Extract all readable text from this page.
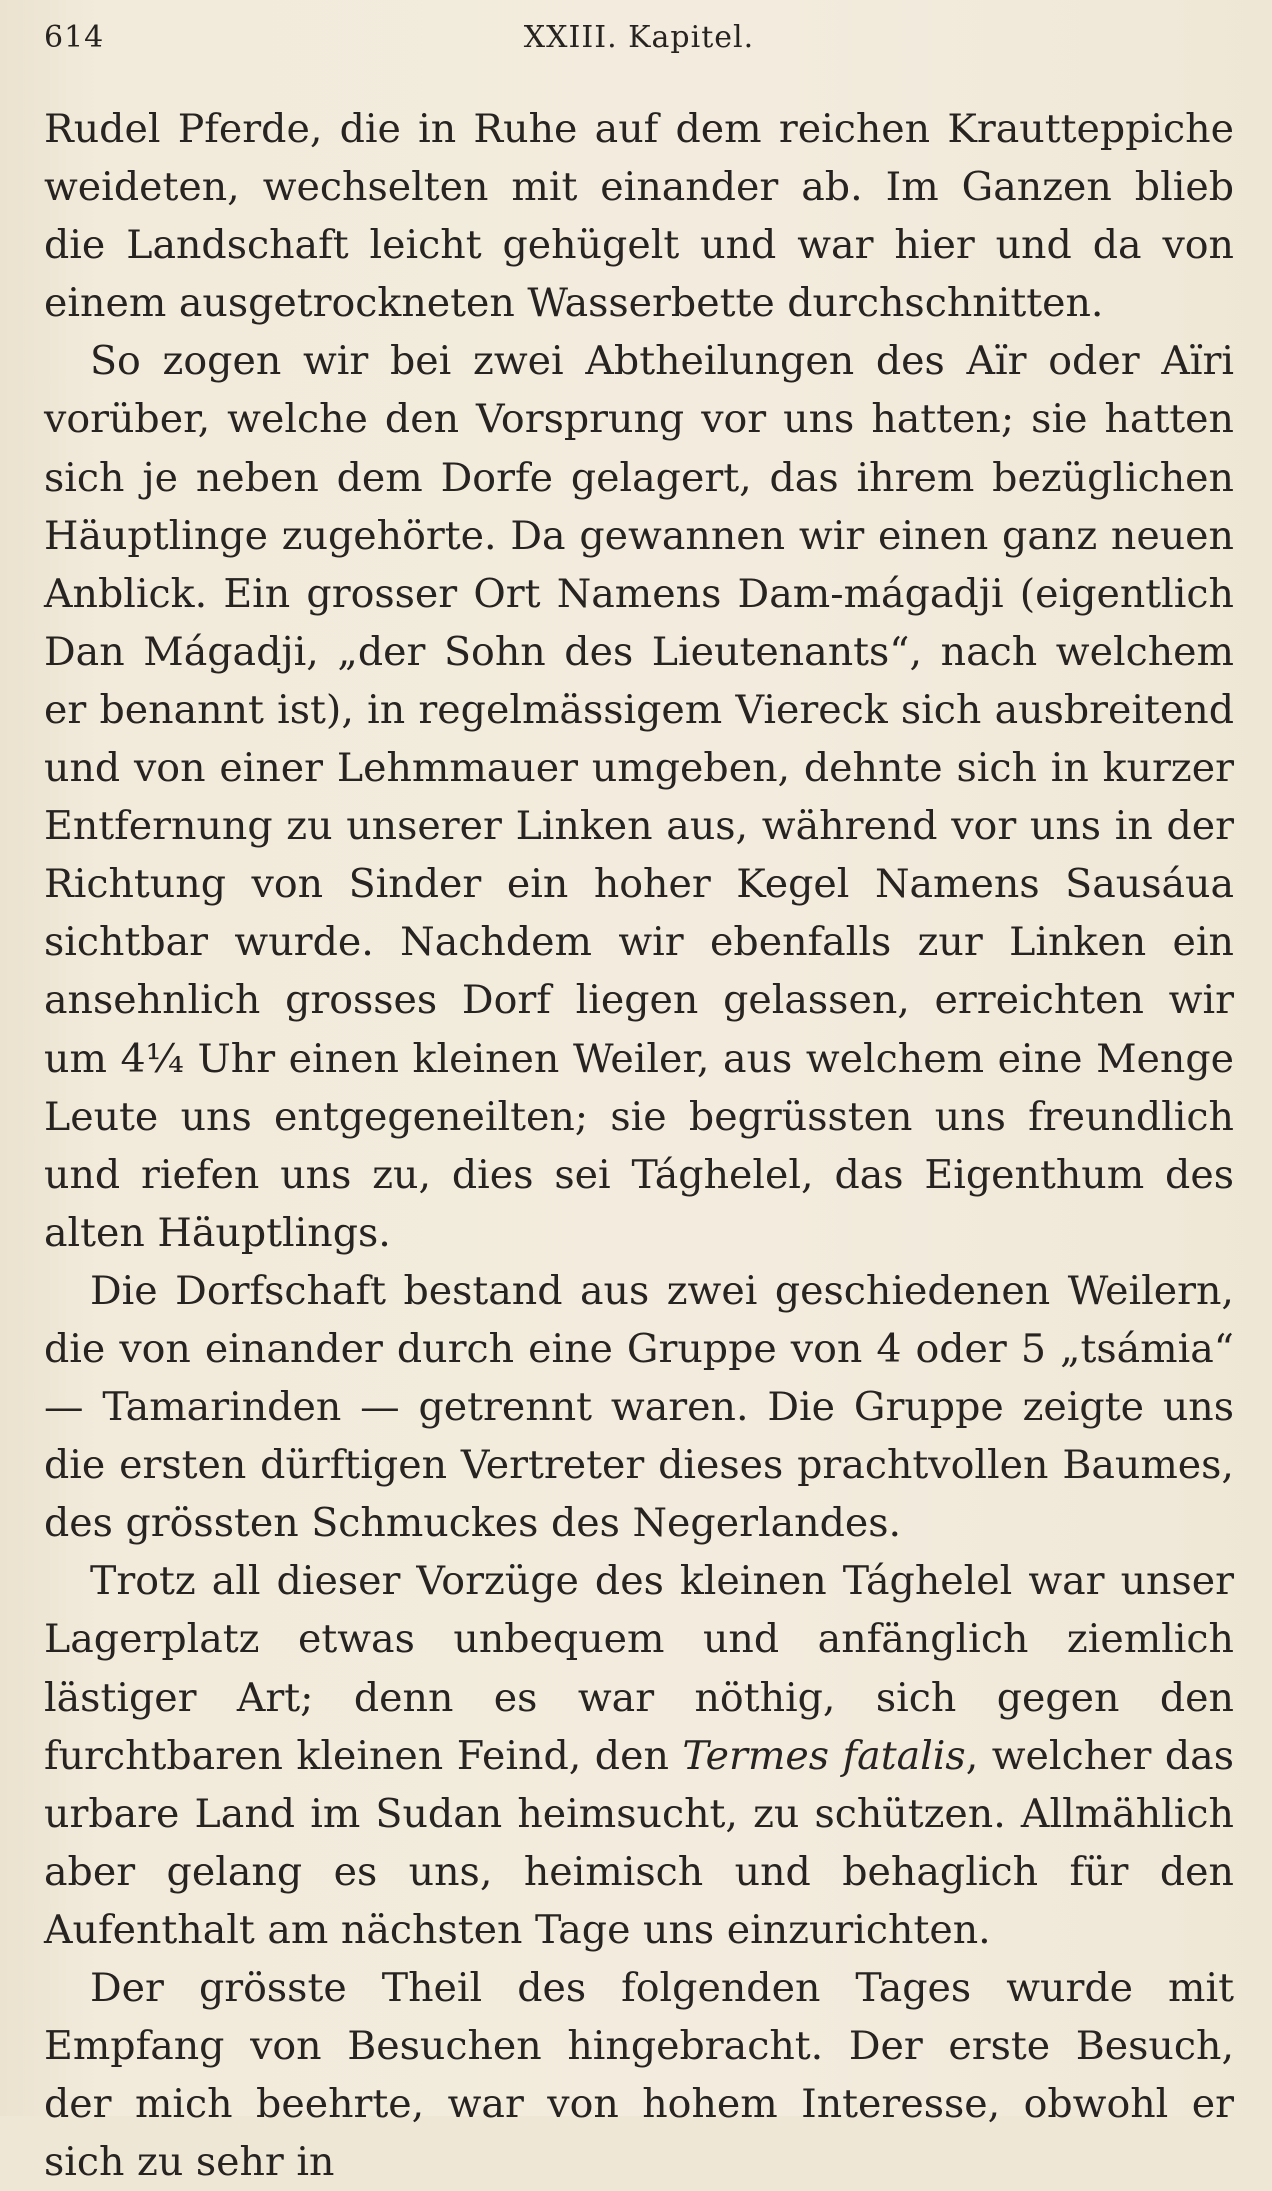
614	XXIII. Kapitel.

Rudel Pferde, die in Ruhe auf dem reichen Krautteppiche weideten, wechselten mit einander ab. Im Ganzen blieb die Landschaft leicht gehügelt und war hier und da von einem ausgetrockneten Wasserbette durchschnitten.

So zogen wir bei zwei Abtheilungen des Aïr oder Aïri vorüber, welche den Vorsprung vor uns hatten; sie hatten sich je neben dem Dorfe gelagert, das ihrem bezüglichen Häuptlinge zugehörte. Da gewannen wir einen ganz neuen Anblick. Ein grosser Ort Namens Dam-mágadji (eigentlich Dan Mágadji, „der Sohn des Lieutenants“, nach welchem er benannt ist), in regelmässigem Viereck sich ausbreitend und von einer Lehmmauer umgeben, dehnte sich in kurzer Entfernung zu unserer Linken aus, während vor uns in der Richtung von Sinder ein hoher Kegel Namens Sausáua sichtbar wurde. Nachdem wir ebenfalls zur Linken ein ansehnlich grosses Dorf liegen gelassen, erreichten wir um 4¼ Uhr einen kleinen Weiler, aus welchem eine Menge Leute uns entgegeneilten; sie begrüssten uns freundlich und riefen uns zu, dies sei Tághelel, das Eigenthum des alten Häuptlings.

Die Dorfschaft bestand aus zwei geschiedenen Weilern, die von einander durch eine Gruppe von 4 oder 5 „tsámia“ — Tamarinden — getrennt waren. Die Gruppe zeigte uns die ersten dürftigen Vertreter dieses prachtvollen Baumes, des grössten Schmuckes des Negerlandes.

Trotz all dieser Vorzüge des kleinen Tághelel war unser Lagerplatz etwas unbequem und anfänglich ziemlich lästiger Art; denn es war nöthig, sich gegen den furchtbaren kleinen Feind, den Termes fatalis, welcher das urbare Land im Sudan heimsucht, zu schützen. Allmählich aber gelang es uns, heimisch und behaglich für den Aufenthalt am nächsten Tage uns einzurichten.

Der grösste Theil des folgenden Tages wurde mit Empfang von Besuchen hingebracht. Der erste Besuch, der mich beehrte, war von hohem Interesse, obwohl er sich zu sehr in
